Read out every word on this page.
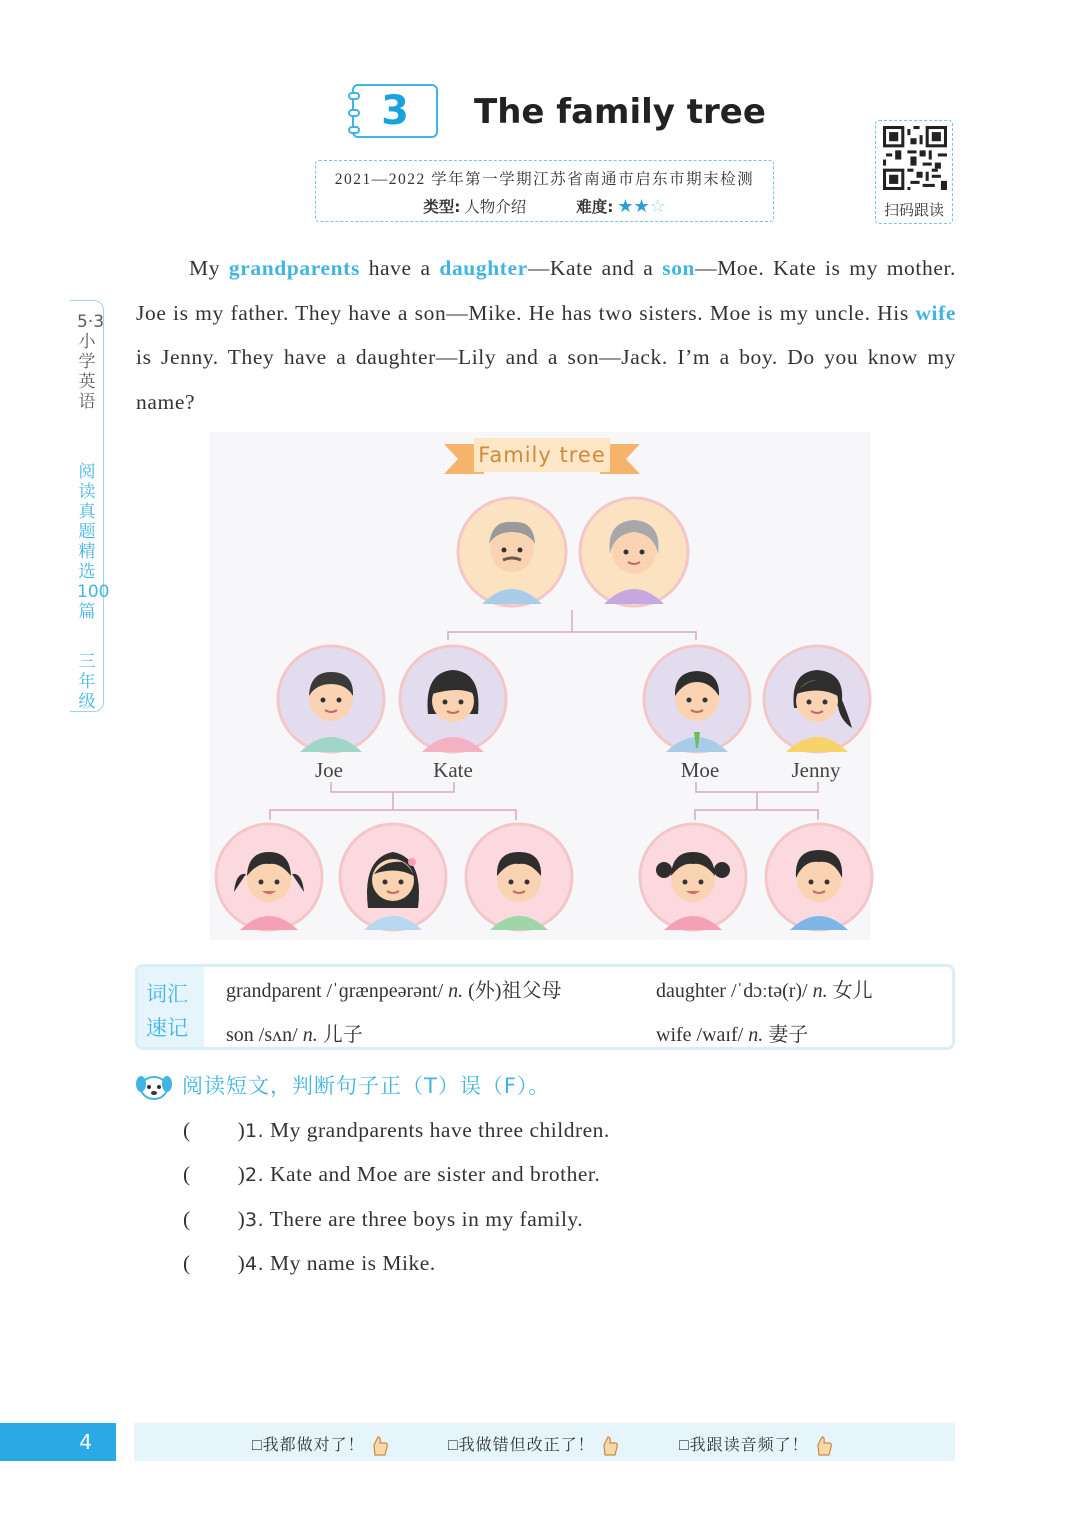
3 The family tree
2021—2022 学年第一学期江苏省南通市启东市期末检测
类型: 人物介绍	难度: ★★☆	扫码跟读
5·3小学英语
阅读真题精选100篇
三年级

My grandparents have a daughter—Kate and a son—Moe. Kate is my mother. Joe is my father. They have a son—Mike. He has two sisters. Moe is my uncle. His wife is Jenny. They have a daughter—Lily and a son—Jack. I’m a boy. Do you know my name?

Family tree
Joe	Kate	Moe	Jenny
词汇
速记
grandparent /ˈɡrænpeərənt/ n. (外)祖父母	daughter /ˈdɔːtə(r)/ n. 女儿
son /sʌn/ n. 儿子	wife /waɪf/ n. 妻子
阅读短文，判断句子正（T）误（F）。
(        )1. My grandparents have three children.
(        )2. Kate and Moe are sister and brother.
(        )3. There are three boys in my family.
(        )4. My name is Mike.
4	□我都做对了！	□我做错但改正了！	□我跟读音频了！
